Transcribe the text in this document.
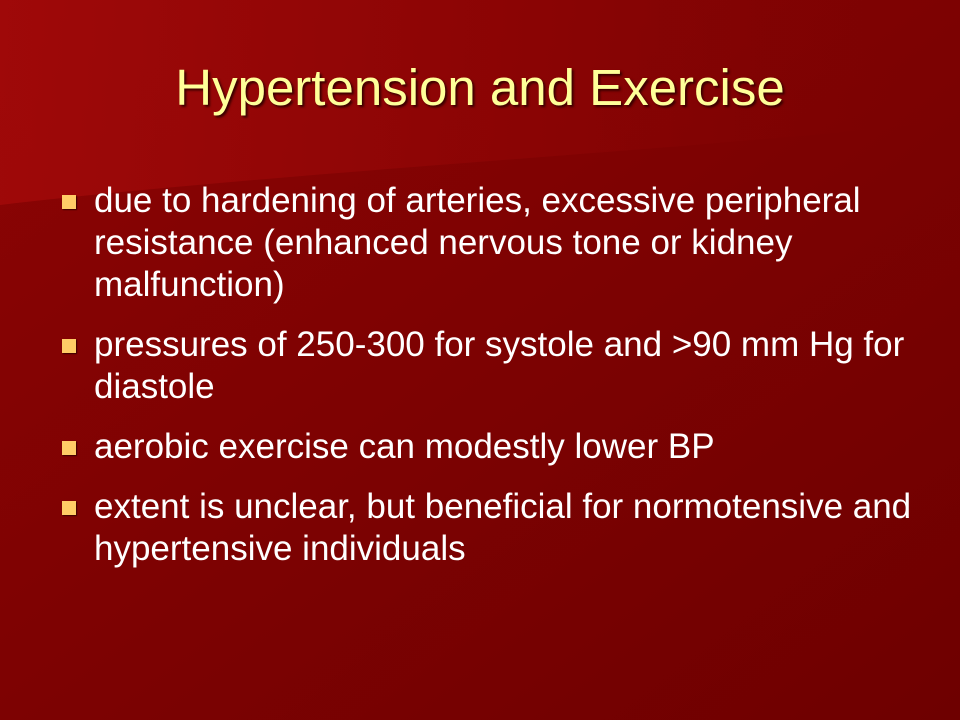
Hypertension and Exercise
due to hardening of arteries, excessive peripheral resistance (enhanced nervous tone or kidney malfunction)
pressures of 250-300 for systole and >90 mm Hg for diastole
aerobic exercise can modestly lower BP
extent is unclear, but beneficial for normotensive and hypertensive individuals
